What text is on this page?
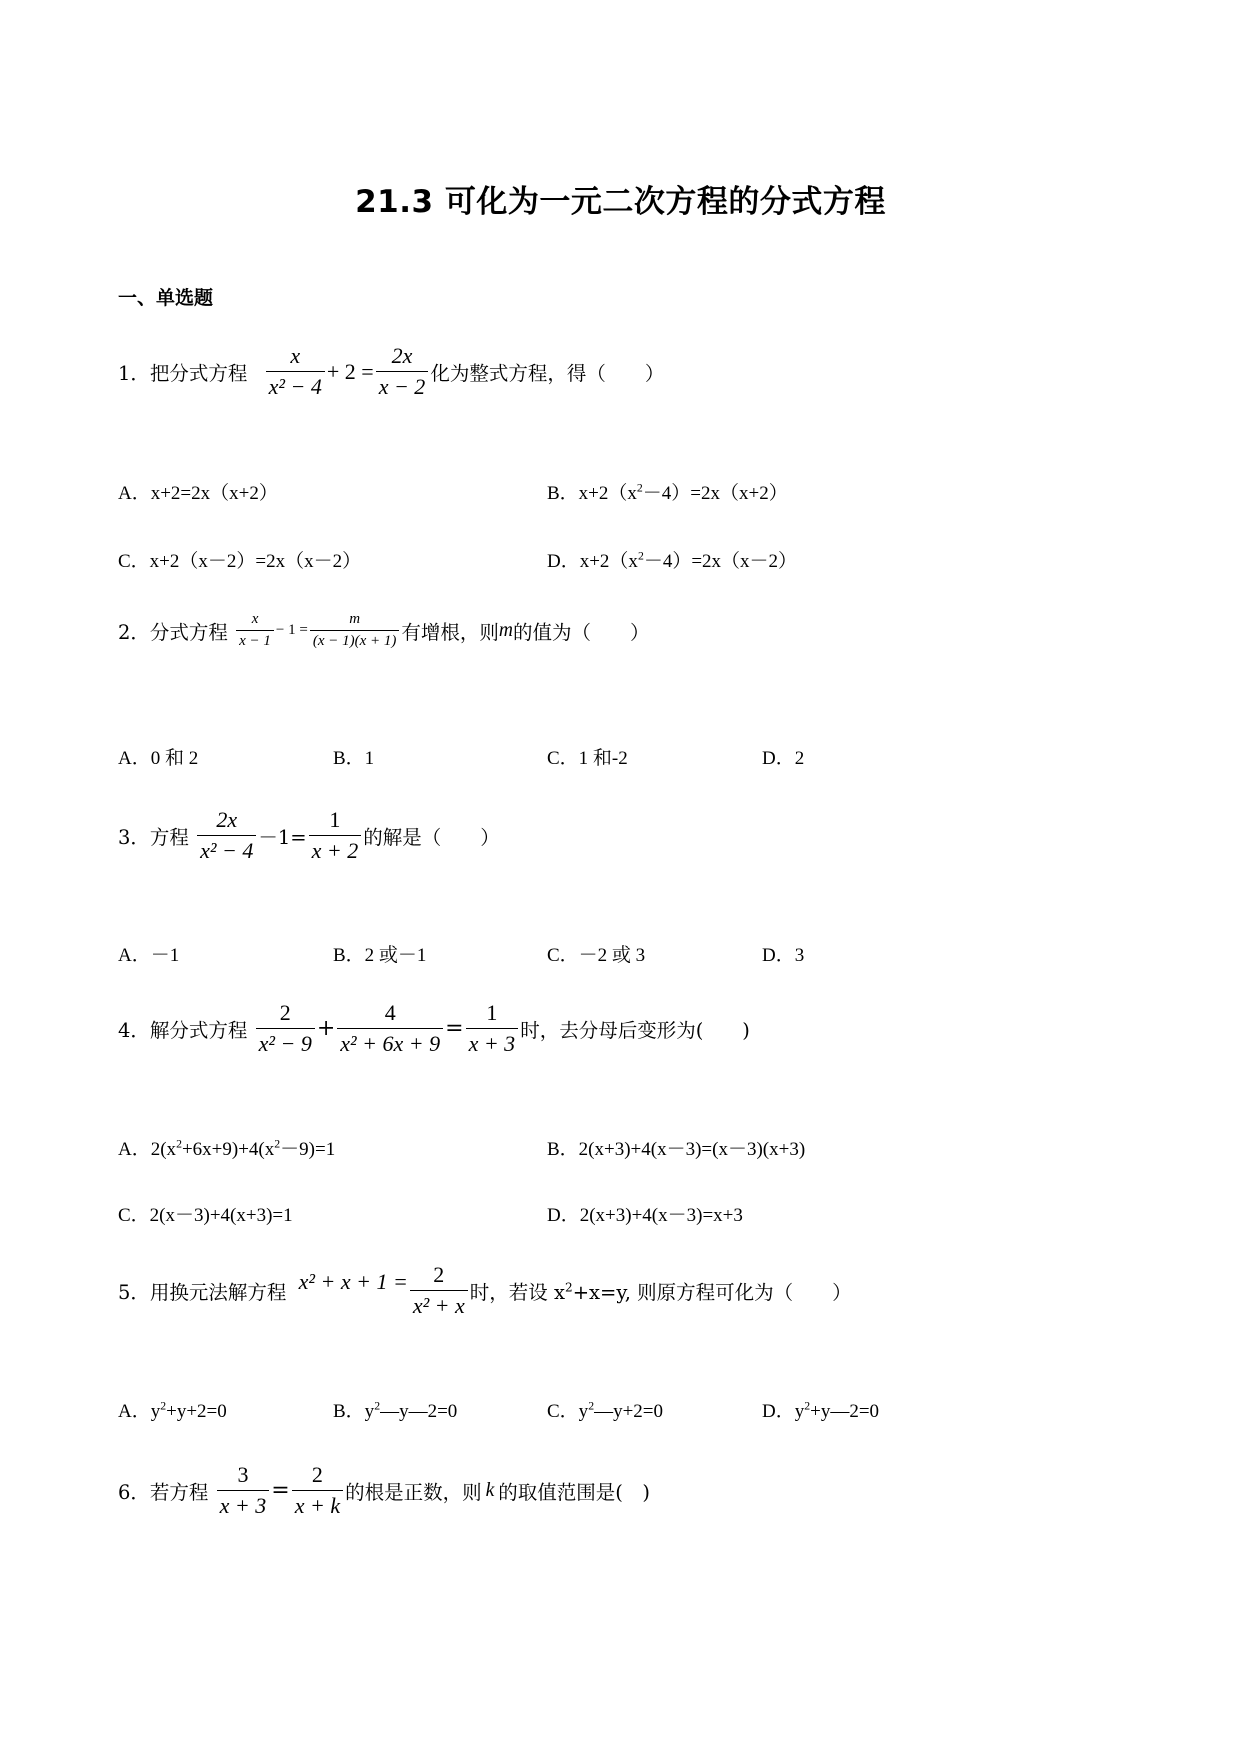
21.3 可化为一元二次方程的分式方程
一、单选题
1．把分式方程 $\frac{x}{\text{x² − 4}} + 2 = \frac{2x}{x - 2}$ 化为整式方程，得（　　）
A．x+2=2x（x+2）	B．$x+2(x^2-4)=2x(x+2)$
C．x+2（x－2）=2x（x－2）	D．$x+2(x^2-4)=2x(x-2)$
2．分式方程 $\frac{x}{x - 1} - 1 = \frac{m}{(x - 1)(x + 1)}$ 有增根，则m的值为（　　）
A．0 和 2	B．1	C．1 和-2	D．2
3．方程 $\frac{2x}{\text{x² − 4}} -1= \frac{1}{x + 2}$ 的解是（　　）
A．－1	B．2 或－1	C．－2 或 3	D．3
4．解分式方程 $\frac{2}{\text{x² − 9}} + \frac{4}{\text{x² + 6x + 9}} = \frac{1}{x + 3}$ 时，去分母后变形为(　　)
A．$2(x^2+6x+9)+4(x^2-9)=1$	B．2(x+3)+4(x－3)=(x－3)(x+3)
C．2(x－3)+4(x+3)=1	D．2(x+3)+4(x－3)=x+3
5．用换元法解方程 $x^2 + x + 1 = \frac{2}{\text{x² + x}}$ 时，若设 $x^2+x=y$, 则原方程可化为（　　）
A．$y^2+y+2=0$	B．$y^2—y—2=0$	C．$y^2—y+2=0$	D．$y^2+y—2=0$
6．若方程 $\frac{3}{x + 3} = \frac{2}{x + k}$ 的根是正数，则 k 的取值范围是(　)
